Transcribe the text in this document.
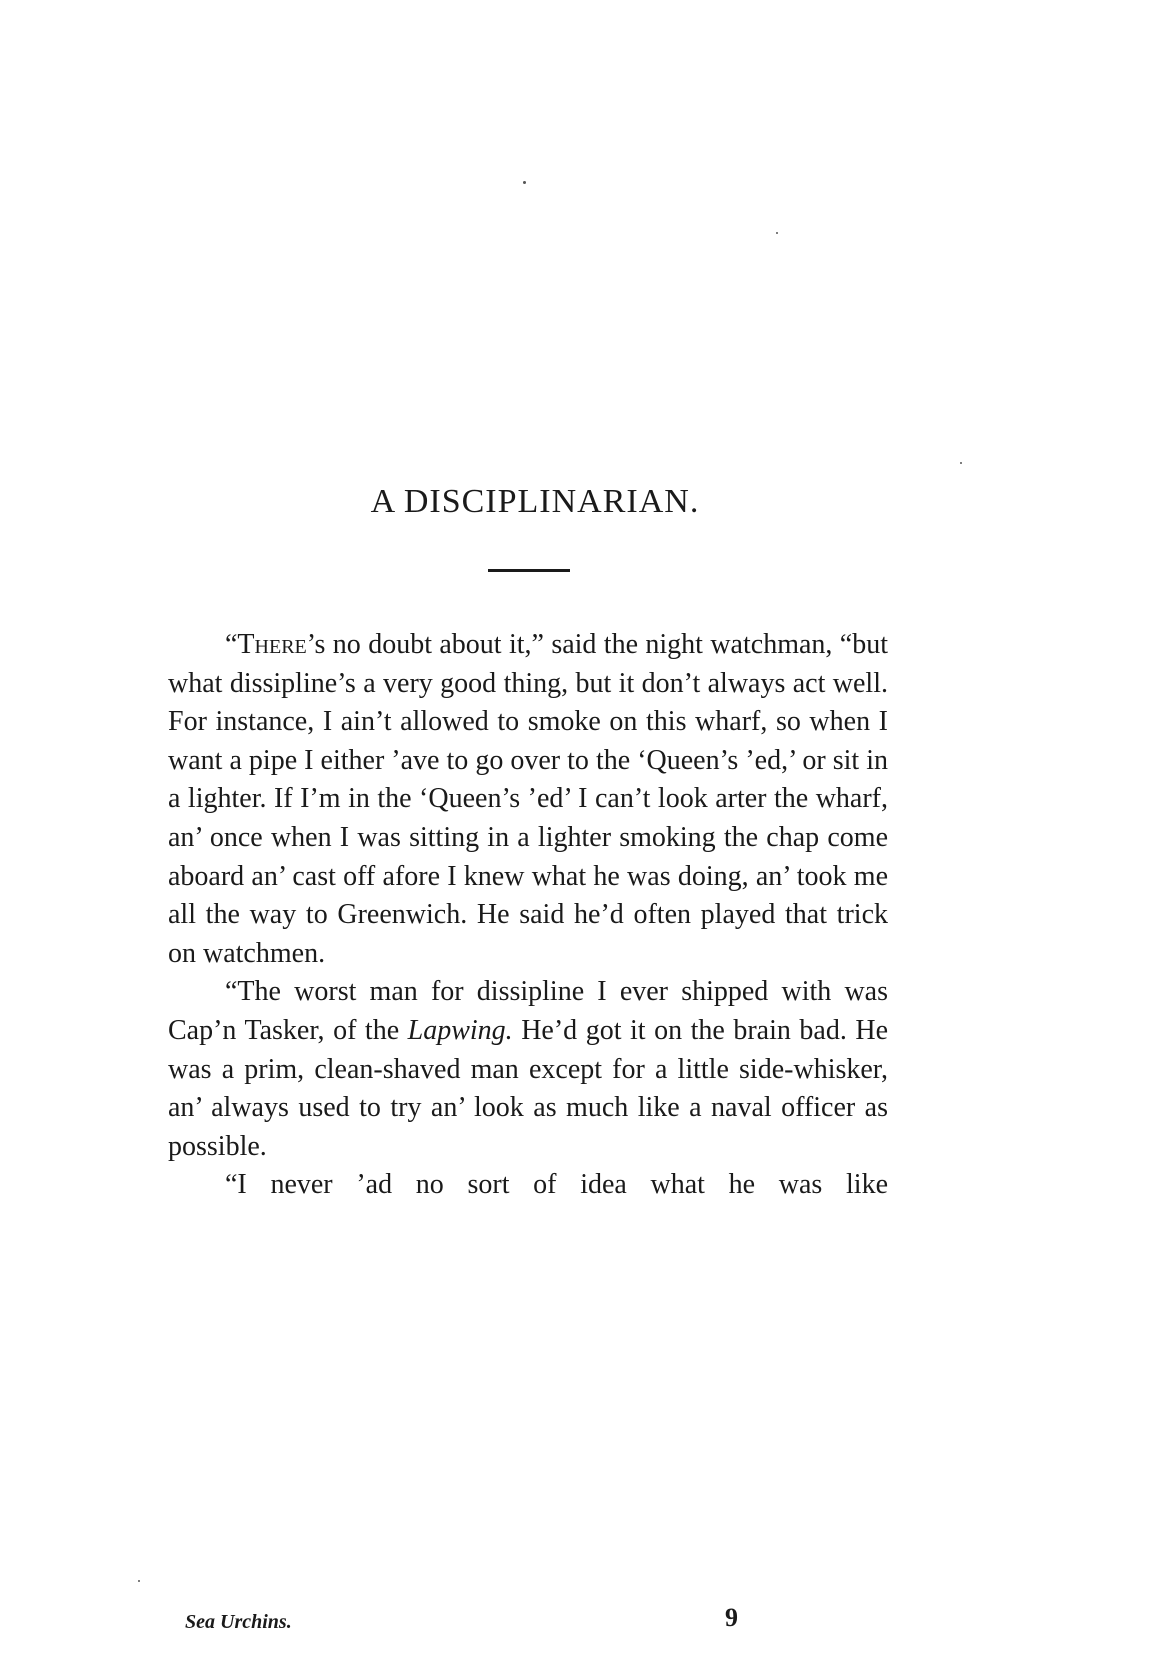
A DISCIPLINARIAN.

“There’s no doubt about it,” said the night watchman, “but what dissipline’s a very good thing, but it don’t always act well. For instance, I ain’t allowed to smoke on this wharf, so when I want a pipe I either ’ave to go over to the ‘Queen’s ’ed,’ or sit in a lighter. If I’m in the ‘Queen’s ’ed’ I can’t look arter the wharf, an’ once when I was sitting in a lighter smoking the chap come aboard an’ cast off afore I knew what he was doing, an’ took me all the way to Greenwich. He said he’d often played that trick on watchmen.

“The worst man for dissipline I ever shipped with was Cap’n Tasker, of the Lapwing. He’d got it on the brain bad. He was a prim, clean-shaved man except for a little side-whisker, an’ always used to try an’ look as much like a naval officer as possible.

“I never ’ad no sort of idea what he was like

Sea Urchins.	9
